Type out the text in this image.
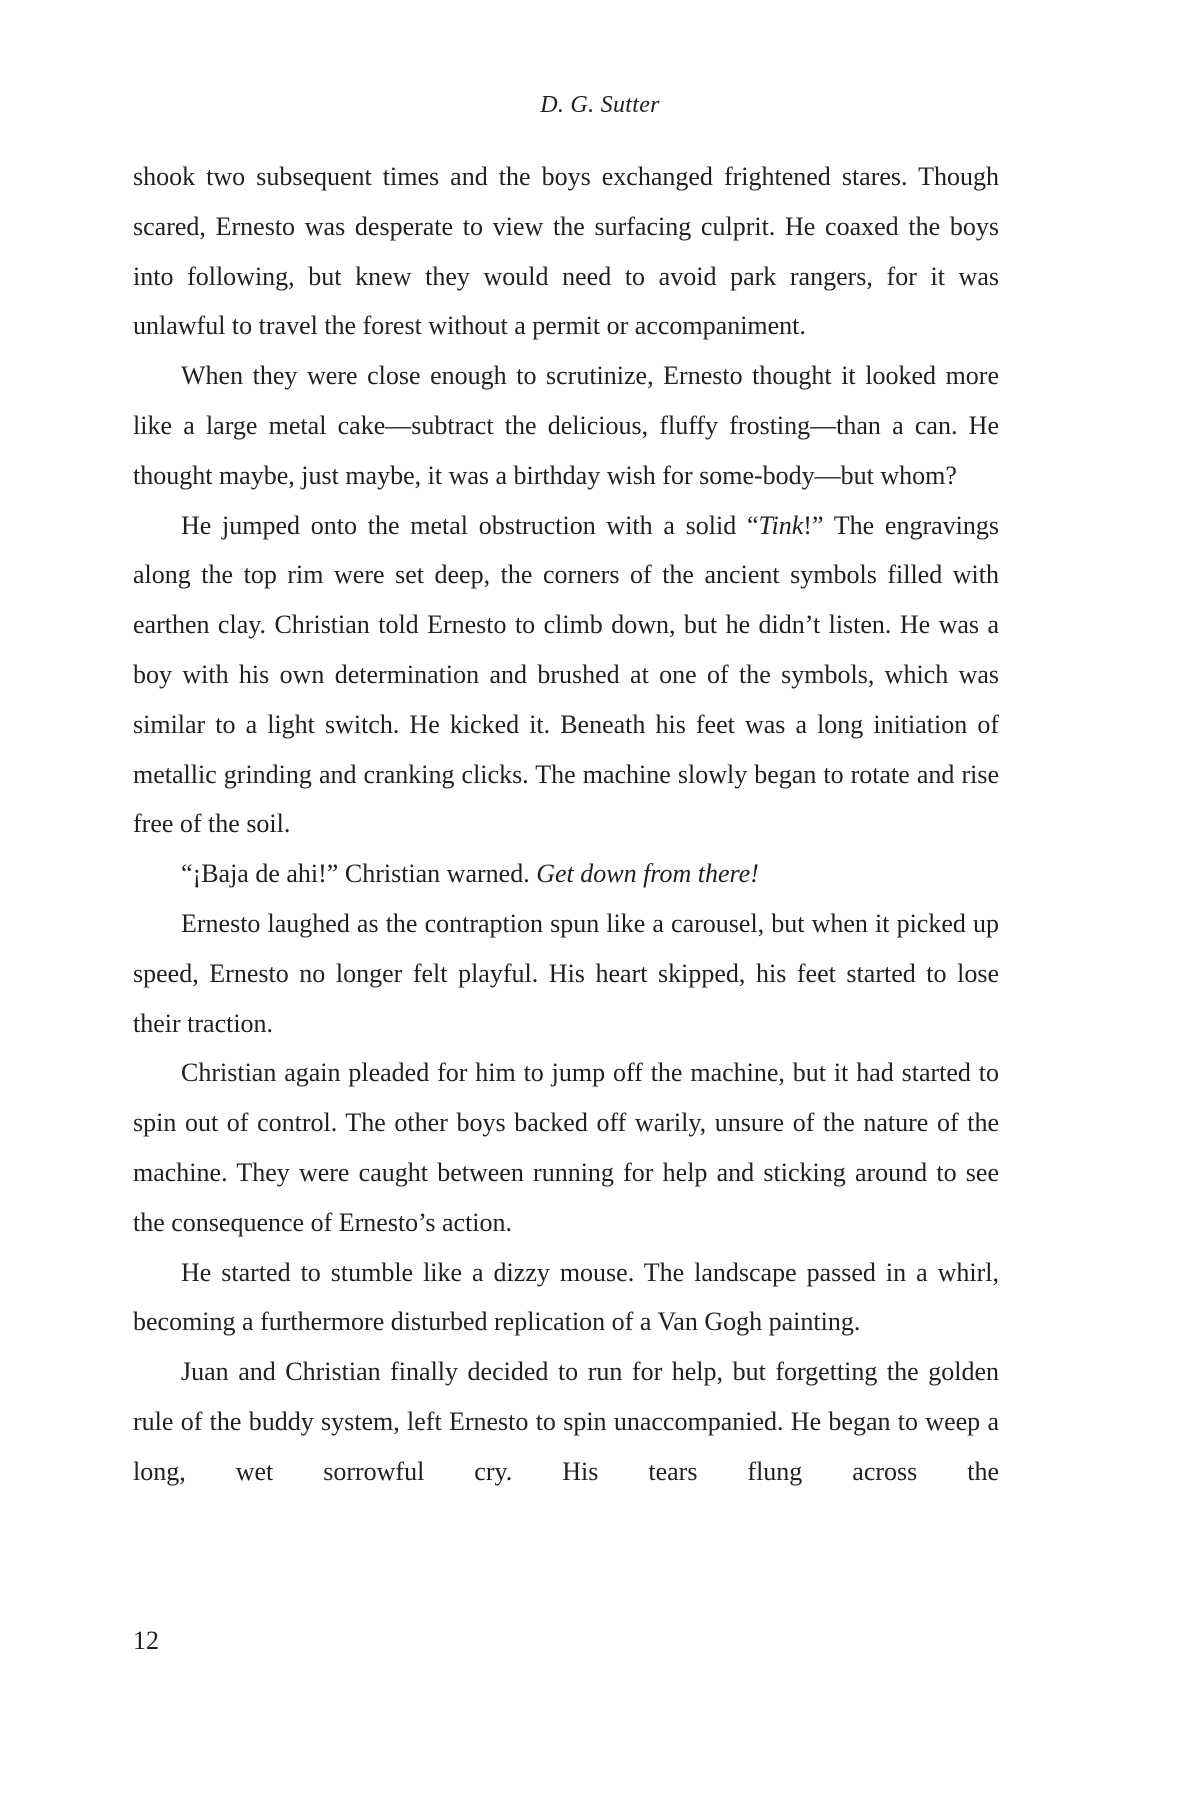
D. G. Sutter

shook two subsequent times and the boys exchanged frightened stares. Though scared, Ernesto was desperate to view the surfacing culprit. He coaxed the boys into following, but knew they would need to avoid park rangers, for it was unlawful to travel the forest without a permit or accompaniment.

When they were close enough to scrutinize, Ernesto thought it looked more like a large metal cake—subtract the delicious, fluffy frosting—than a can. He thought maybe, just maybe, it was a birthday wish for some-body—but whom?

He jumped onto the metal obstruction with a solid “Tink!” The engravings along the top rim were set deep, the corners of the ancient symbols filled with earthen clay. Christian told Ernesto to climb down, but he didn’t listen. He was a boy with his own determination and brushed at one of the symbols, which was similar to a light switch. He kicked it. Beneath his feet was a long initiation of metallic grinding and cranking clicks. The machine slowly began to rotate and rise free of the soil.

“¡Baja de ahi!” Christian warned. Get down from there!

Ernesto laughed as the contraption spun like a carousel, but when it picked up speed, Ernesto no longer felt playful. His heart skipped, his feet started to lose their traction.

Christian again pleaded for him to jump off the machine, but it had started to spin out of control. The other boys backed off warily, unsure of the nature of the machine. They were caught between running for help and sticking around to see the consequence of Ernesto’s action.

He started to stumble like a dizzy mouse. The landscape passed in a whirl, becoming a furthermore disturbed replication of a Van Gogh painting.

Juan and Christian finally decided to run for help, but forgetting the golden rule of the buddy system, left Ernesto to spin unaccompanied. He began to weep a long, wet sorrowful cry. His tears flung across the

12
